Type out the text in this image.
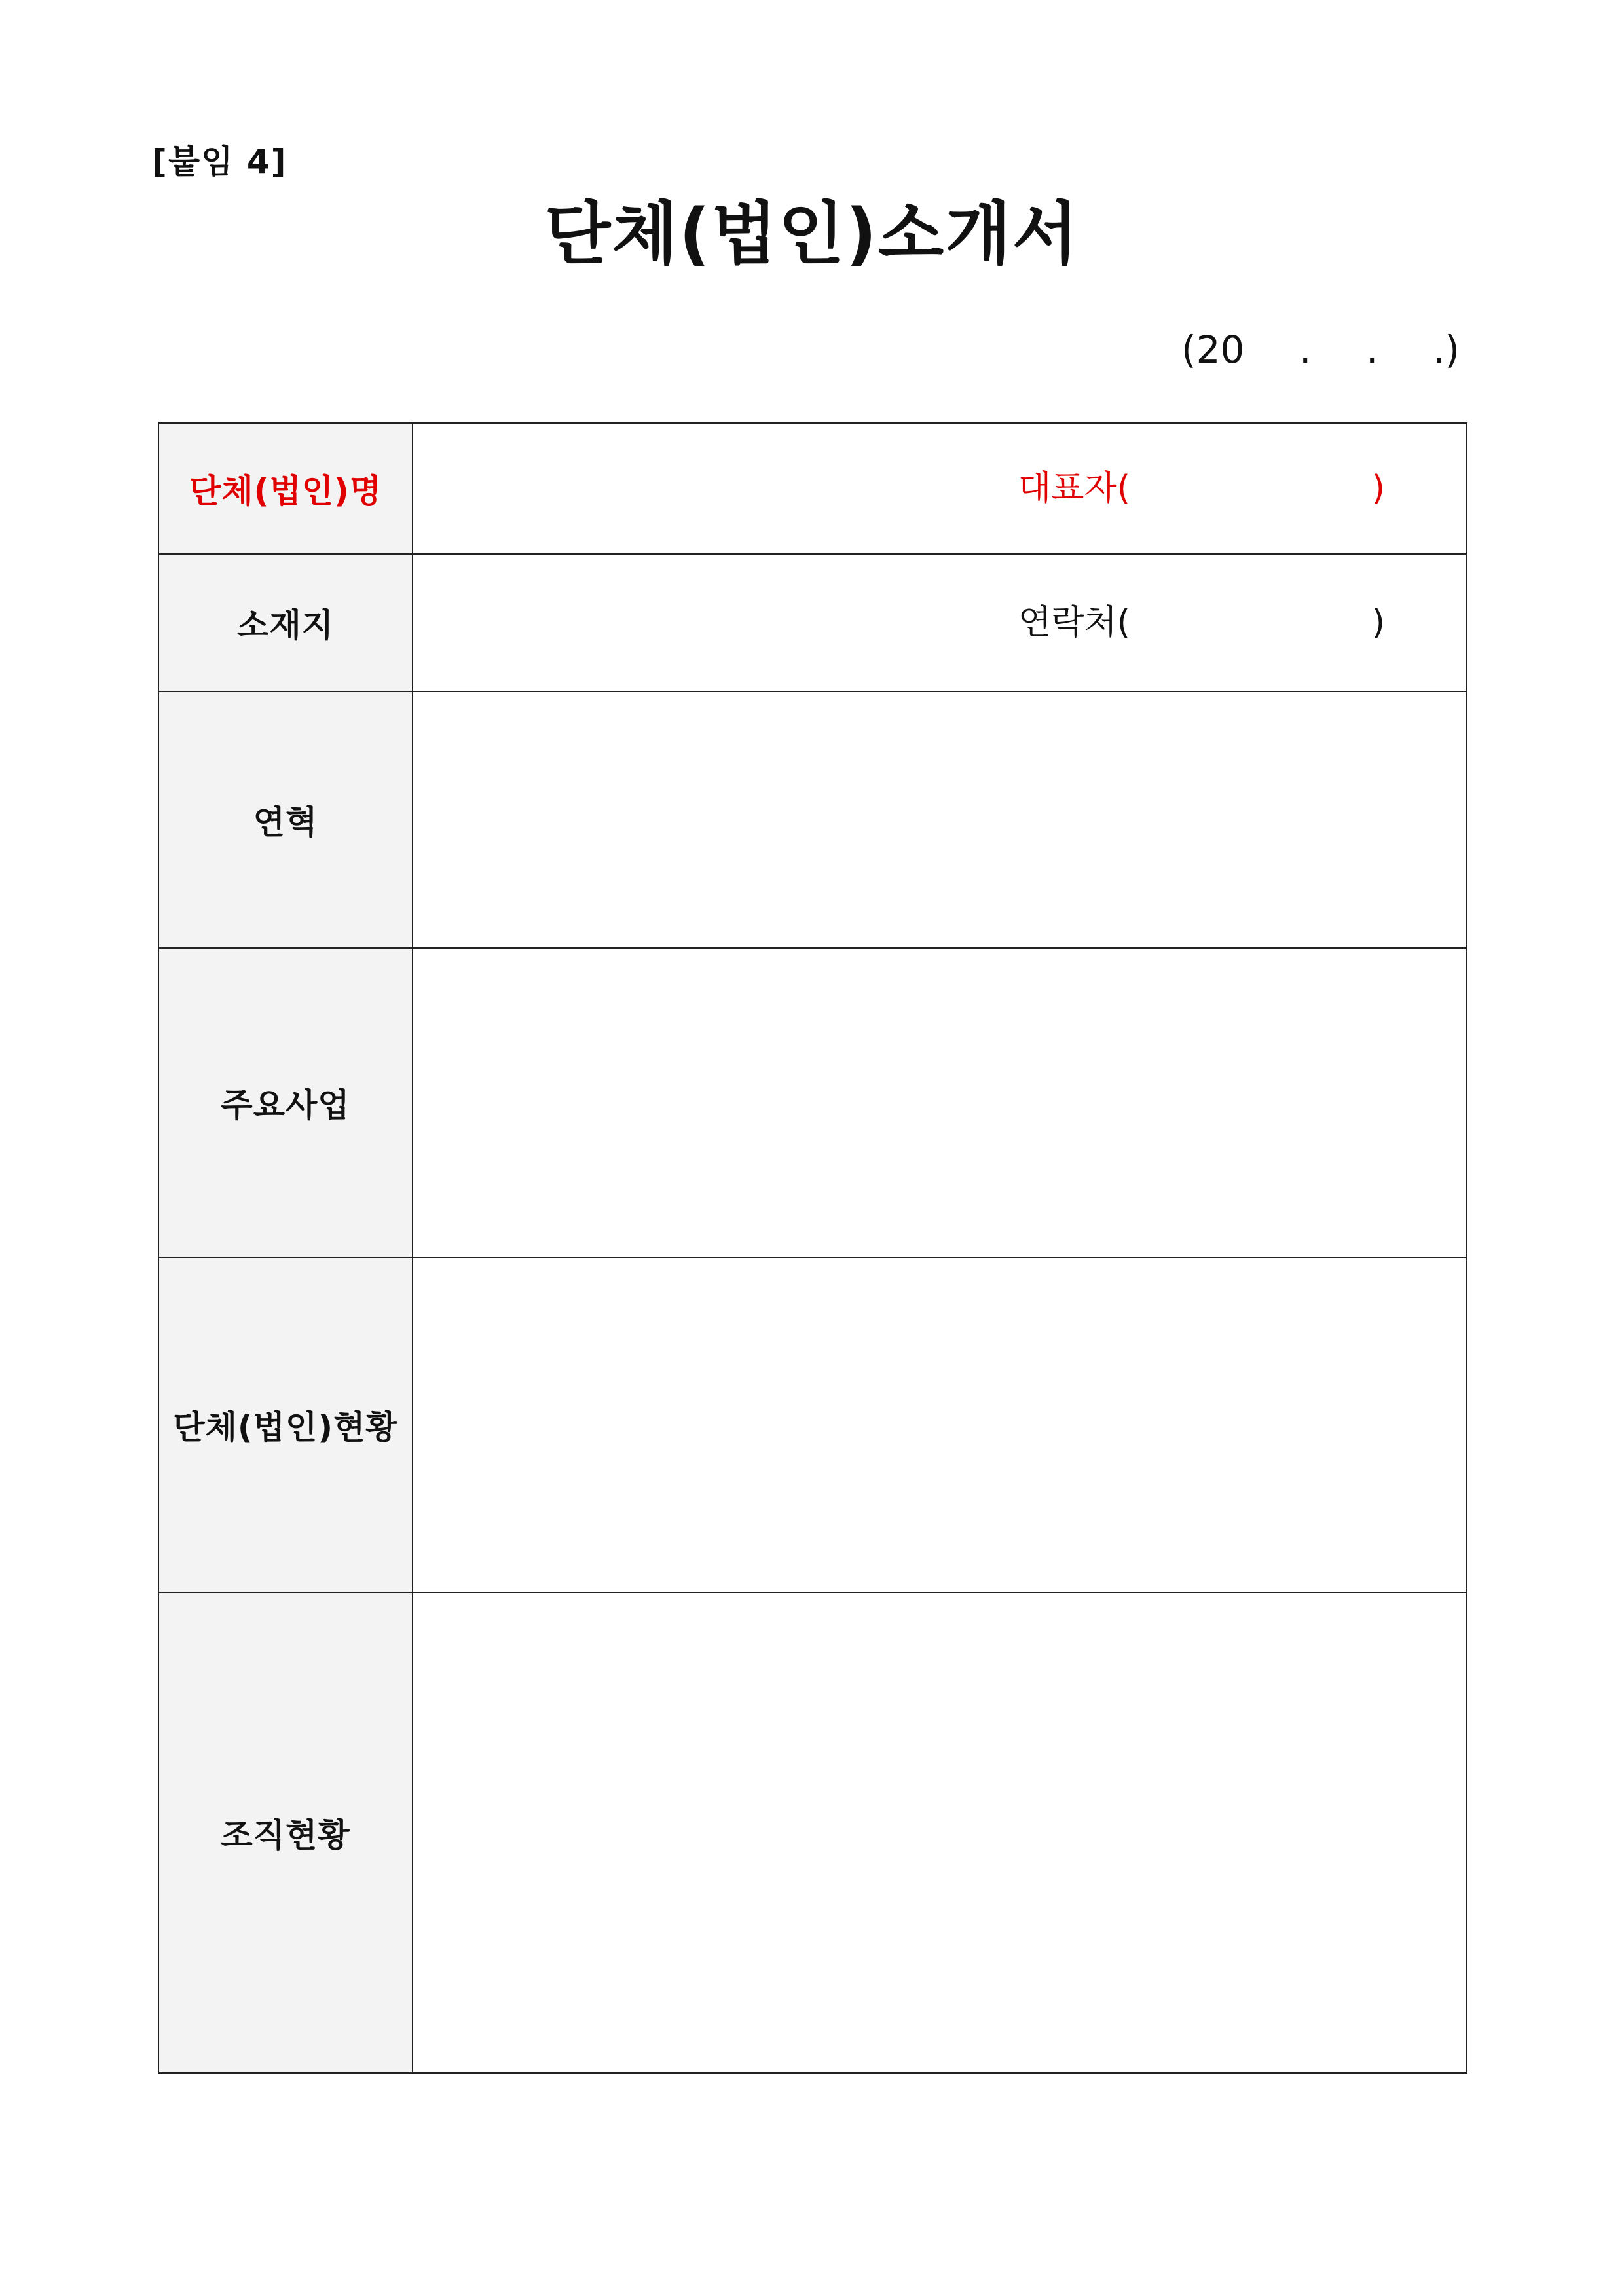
[붙임 4]
단체(법인)소개서
(20	.	.	.)
단체(법인)명	대표자( )

소재지	연락처( )

연혁	
주요사업	
단체(법인)현황	
조직현황	
